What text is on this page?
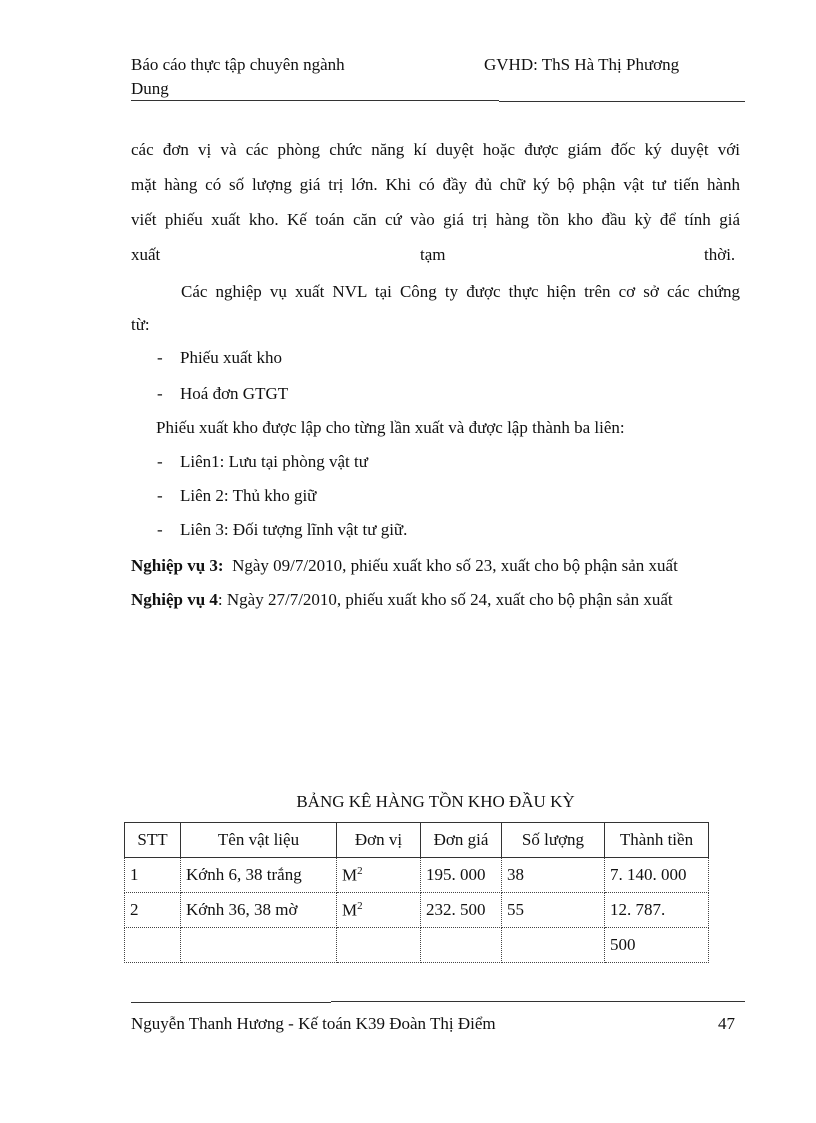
Báo cáo thực tập chuyên ngành
Dung
GVHD: ThS Hà Thị Phương
các đơn vị và các phòng chức năng kí duyệt hoặc được giám đốc ký duyệt với
mặt hàng có số lượng giá trị lớn. Khi có đầy đủ chữ ký bộ phận vật tư tiến hành
viết phiếu xuất kho. Kế toán căn cứ vào giá trị hàng tồn kho đầu kỳ để tính giá
xuất	tạm	thời.
Các nghiệp vụ xuất NVL tại Công ty được thực hiện trên cơ sở các chứng
từ:
- Phiếu xuất kho
- Hoá đơn GTGT
Phiếu xuất kho được lập cho từng lần xuất và được lập thành ba liên:
- Liên1: Lưu tại phòng vật tư
- Liên 2: Thủ kho giữ
- Liên 3: Đối tượng lĩnh vật tư giữ.
Nghiệp vụ 3: Ngày 09/7/2010, phiếu xuất kho số 23, xuất cho bộ phận sản xuất
Nghiệp vụ 4: Ngày 27/7/2010, phiếu xuất kho số 24, xuất cho bộ phận sản xuất
BẢNG KÊ HÀNG TỒN KHO ĐẦU KỲ
STT	Tên vật liệu	Đơn vị	Đơn giá	Số lượng	Thành tiền
1	Kớnh 6, 38 trắng	$M^2$	195. 000	38	7. 140. 000
2	Kớnh 36, 38 mờ	$M^2$	232. 500	55	12. 787.
					500
Nguyễn Thanh Hương - Kế toán K39 Đoàn Thị Điểm	47
